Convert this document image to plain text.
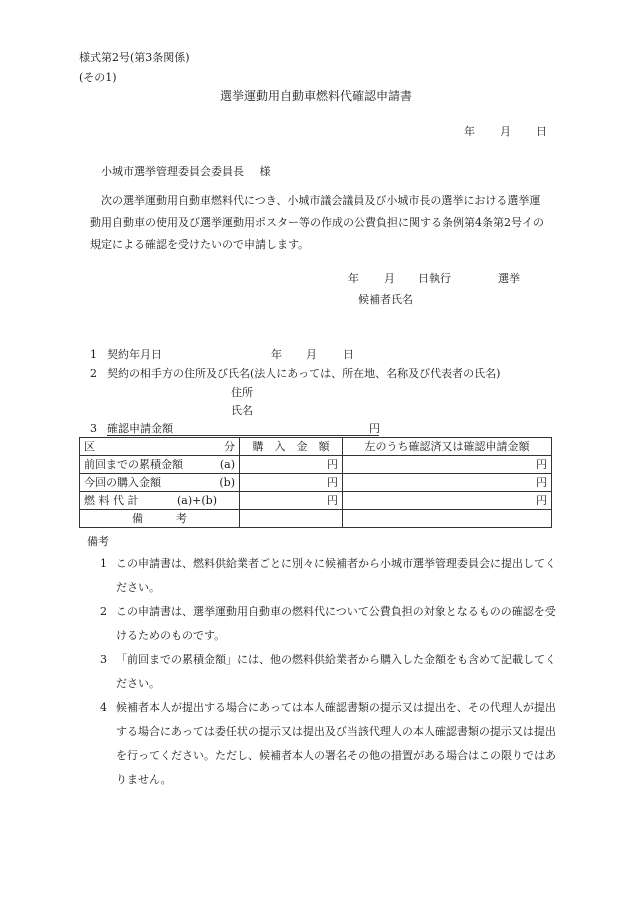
様式第2号(第3条関係)
(その1)
選挙運動用自動車燃料代確認申請書
年 月 日
小城市選挙管理委員会委員長 様
次の選挙運動用自動車燃料代につき、小城市議会議員及び小城市長の選挙における選挙運動用自動車の使用及び選挙運動用ポスター等の作成の公費負担に関する条例第4条第2号イの規定による確認を受けたいので申請します。
年 月 日執行	選挙
候補者氏名
1 契約年月日	年 月 日
2 契約の相手方の住所及び氏名(法人にあっては、所在地、名称及び代表者の氏名)
住所
氏名
3 確認申請金額	円
区 分	購　入　金　額	左のうち確認済又は確認申請金額

前回までの累積金額 (a)	円	円

今回の購入金額 (b)	円	円

燃 料 代 計 (a)+(b)	円	円
備　　　考		
備考
1 この申請書は、燃料供給業者ごとに別々に候補者から小城市選挙管理委員会に提出してください。
2 この申請書は、選挙運動用自動車の燃料代について公費負担の対象となるものの確認を受けるためのものです。
3 「前回までの累積金額」には、他の燃料供給業者から購入した金額をも含めて記載してください。
4 候補者本人が提出する場合にあっては本人確認書類の提示又は提出を、その代理人が提出する場合にあっては委任状の提示又は提出及び当該代理人の本人確認書類の提示又は提出を行ってください。ただし、候補者本人の署名その他の措置がある場合はこの限りではありません。
